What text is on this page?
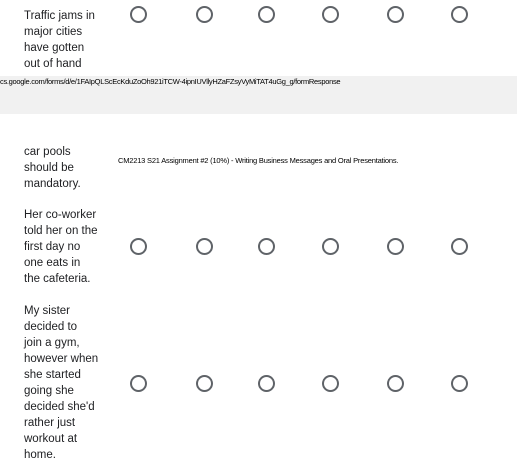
cs.google.com/forms/d/e/1FAIpQLScEcKduZoOh921iTCW-4ipnIUVllyHZaFZsyVyMiTAT4uGg_g/formResponse
CM2213 S21 Assignment #2 (10%) - Writing Business Messages and Oral Presentations.
Traffic jams in
major cities
have gotten
out of hand
car pools
should be
mandatory.
Her co-worker
told her on the
first day no
one eats in
the cafeteria.
My sister
decided to
join a gym,
however when
she started
going she
decided she'd
rather just
workout at
home.
